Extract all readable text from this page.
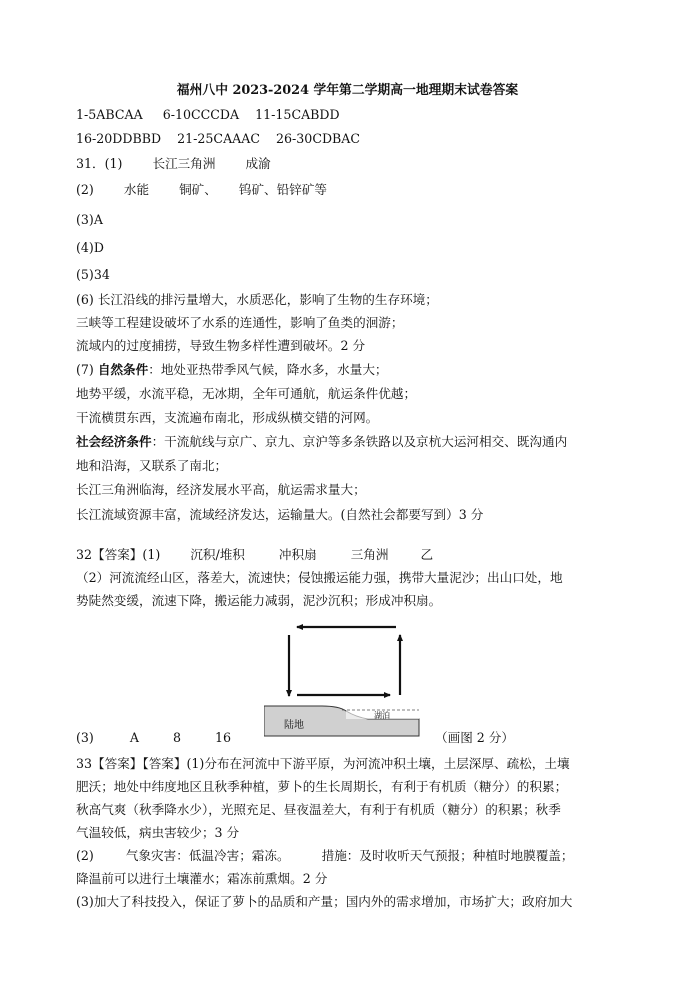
福州八中 2023-2024 学年第二学期高一地理期末试卷答案
1-5ABCAA 6-10CCCDA 11-15CABDD
16-20DDBBD 21-25CAAAC 26-30CDBAC
31．(1) 长江三角洲 成渝
(2) 水能 铜矿、 钨矿、铅锌矿等
(3)A
(4)D
(5)34
(6) 长江沿线的排污量增大，水质恶化，影响了生物的生存环境；
三峡等工程建设破坏了水系的连通性，影响了鱼类的洄游；
流域内的过度捕捞，导致生物多样性遭到破坏。2 分
(7) 自然条件：地处亚热带季风气候，降水多，水量大；
地势平缓，水流平稳，无冰期，全年可通航，航运条件优越；
干流横贯东西，支流遍布南北，形成纵横交错的河网。
社会经济条件：干流航线与京广、京九、京沪等多条铁路以及京杭大运河相交、既沟通内
地和沿海，又联系了南北；
长江三角洲临海，经济发展水平高，航运需求量大；
长江流域资源丰富，流域经济发达，运输量大。(自然社会都要写到）3 分
32【答案】(1) 沉积/堆积	冲积扇	三角洲	乙
（2）河流流经山区，落差大，流速快；侵蚀搬运能力强，携带大量泥沙；出山口处，地
势陡然变缓，流速下降，搬运能力减弱，泥沙沉积；形成冲积扇。
陆地
湖泊
(3)	A	8	16	（画图 2 分）
33【答案】【答案】(1)分布在河流中下游平原，为河流冲积土壤，土层深厚、疏松，土壤
肥沃；地处中纬度地区且秋季种植，萝卜的生长周期长，有利于有机质（糖分）的积累；
秋高气爽（秋季降水少），光照充足、昼夜温差大，有利于有机质（糖分）的积累；秋季
气温较低，病虫害较少；3 分
(2)	气象灾害：低温冷害；霜冻。	措施：及时收听天气预报；种植时地膜覆盖；
降温前可以进行土壤灌水；霜冻前熏烟。2 分
(3)加大了科技投入，保证了萝卜的品质和产量；国内外的需求增加，市场扩大；政府加大
